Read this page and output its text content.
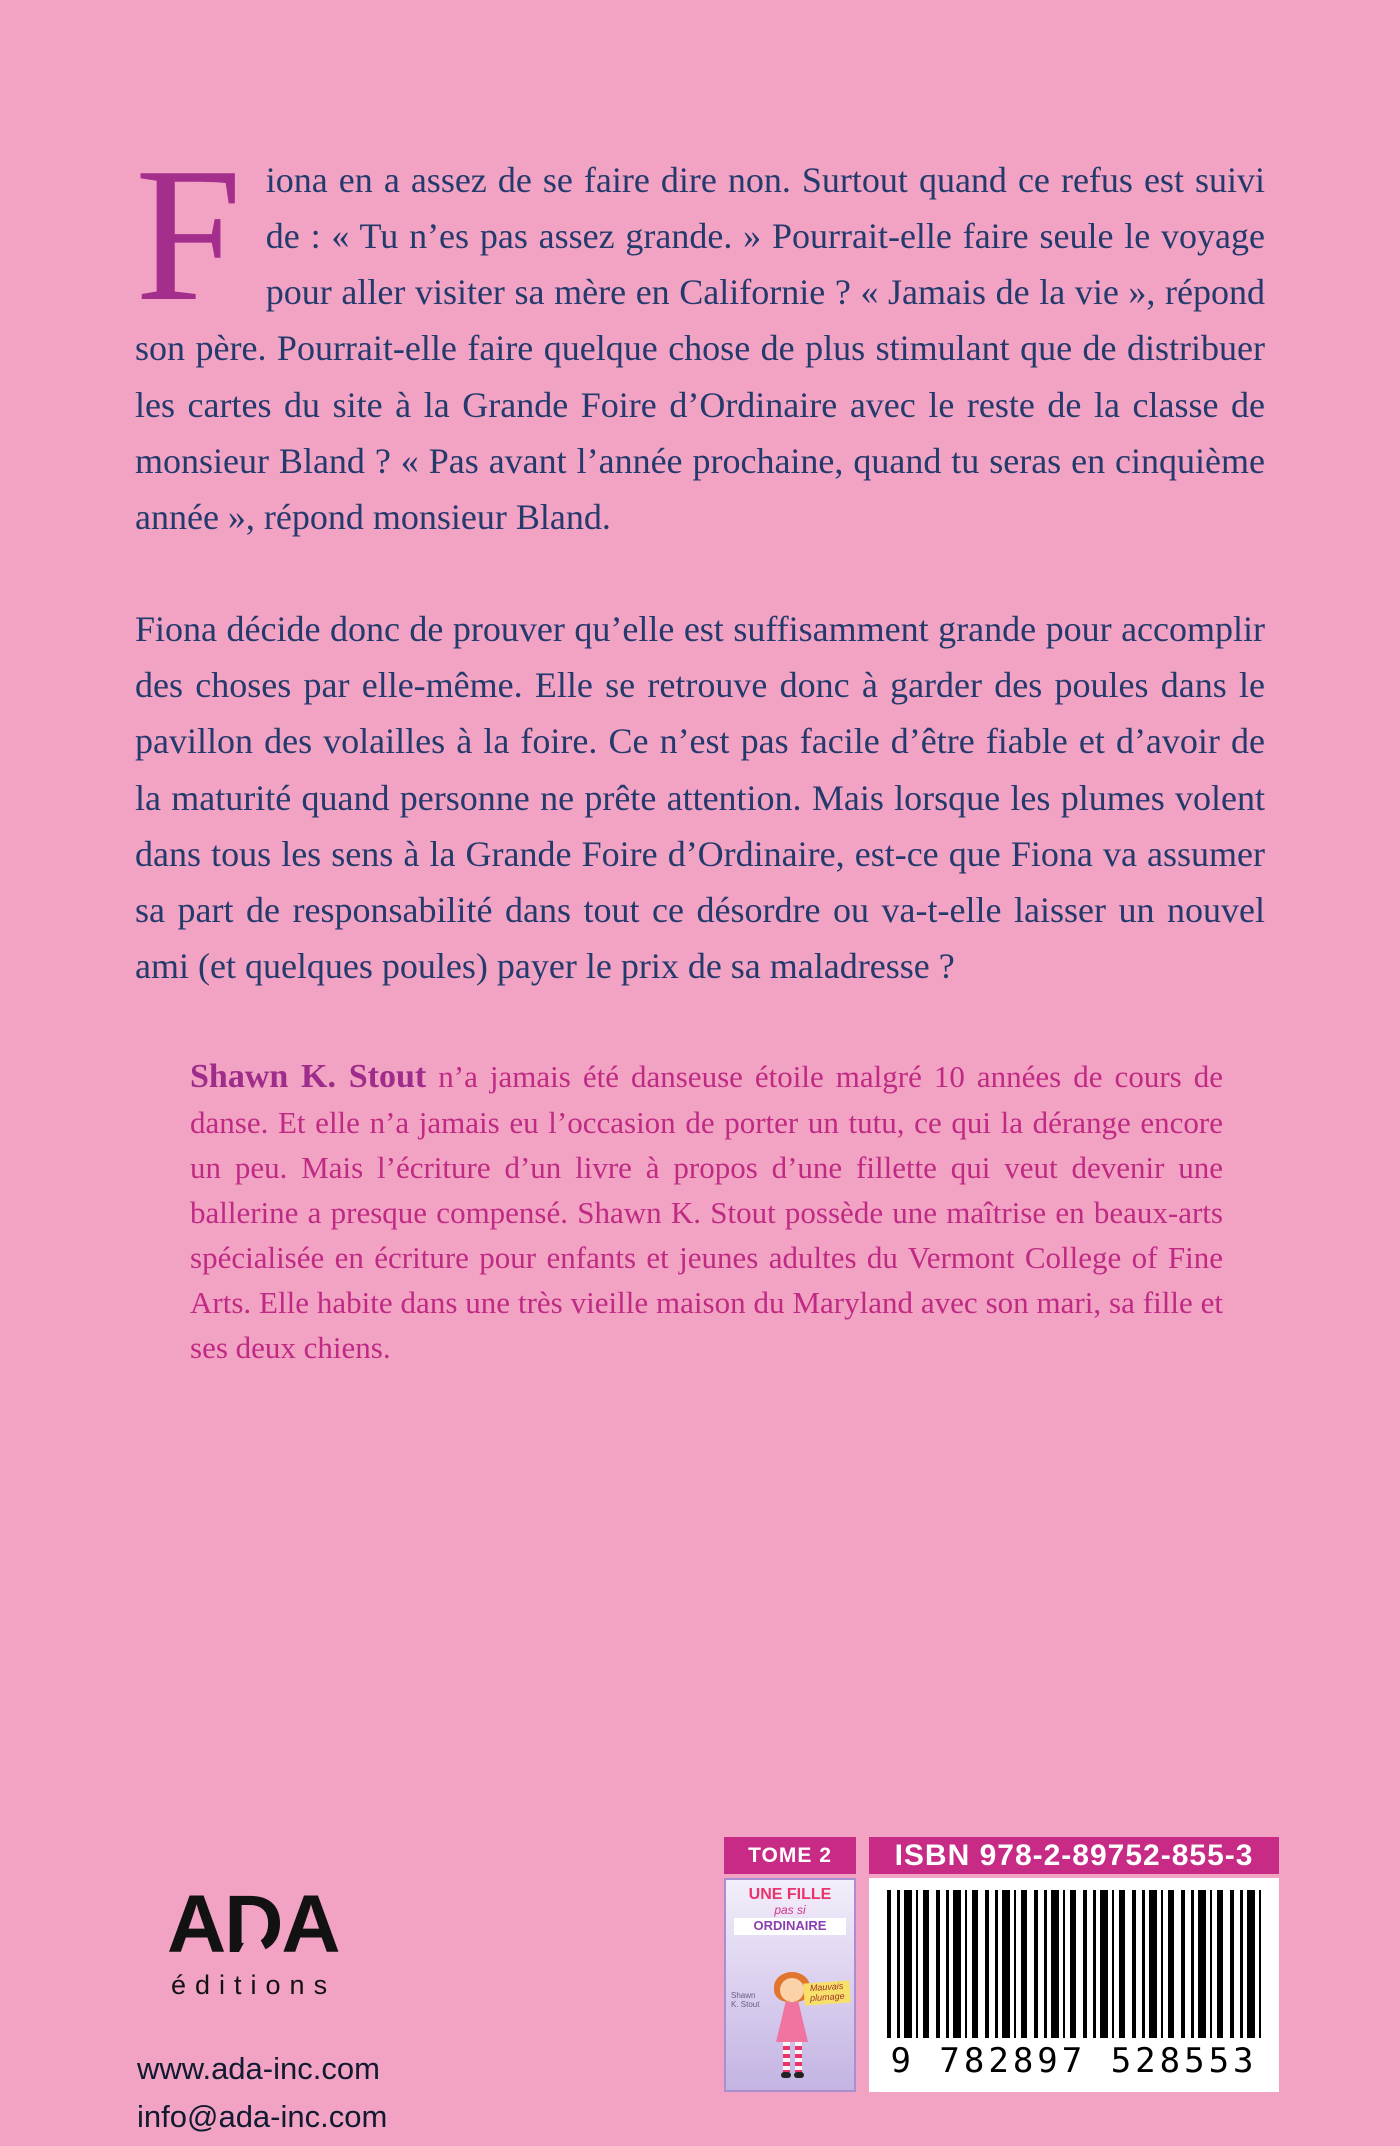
Fiona en a assez de se faire dire non. Surtout quand ce refus est suivi de : « Tu n’es pas assez grande. » Pourrait-elle faire seule le voyage pour aller visiter sa mère en Californie ? « Jamais de la vie », répond son père. Pourrait-elle faire quelque chose de plus stimulant que de distribuer les cartes du site à la Grande Foire d’Ordinaire avec le reste de la classe de monsieur Bland ? « Pas avant l’année prochaine, quand tu seras en cinquième année », répond monsieur Bland.

Fiona décide donc de prouver qu’elle est suffisamment grande pour accomplir des choses par elle-même. Elle se retrouve donc à garder des poules dans le pavillon des volailles à la foire. Ce n’est pas facile d’être fiable et d’avoir de la maturité quand personne ne prête attention. Mais lorsque les plumes volent dans tous les sens à la Grande Foire d’Ordinaire, est-ce que Fiona va assumer sa part de responsabilité dans tout ce désordre ou va-t-elle laisser un nouvel ami (et quelques poules) payer le prix de sa maladresse ?

Shawn K. Stout n’a jamais été danseuse étoile malgré 10 années de cours de danse. Et elle n’a jamais eu l’occasion de porter un tutu, ce qui la dérange encore un peu. Mais l’écriture d’un livre à propos d’une fillette qui veut devenir une ballerine a presque compensé. Shawn K. Stout possède une maîtrise en beaux-arts spécialisée en écriture pour enfants et jeunes adultes du Vermont College of Fine Arts. Elle habite dans une très vieille maison du Maryland avec son mari, sa fille et ses deux chiens.

ADA
éditions
www.ada-inc.com
info@ada-inc.com
TOME 2
UNE FILLE
pas si
ORDINAIRE
Shawn K. Stout
Mauvais plumage
ISBN 978-2-89752-855-3
9 782897 528553
